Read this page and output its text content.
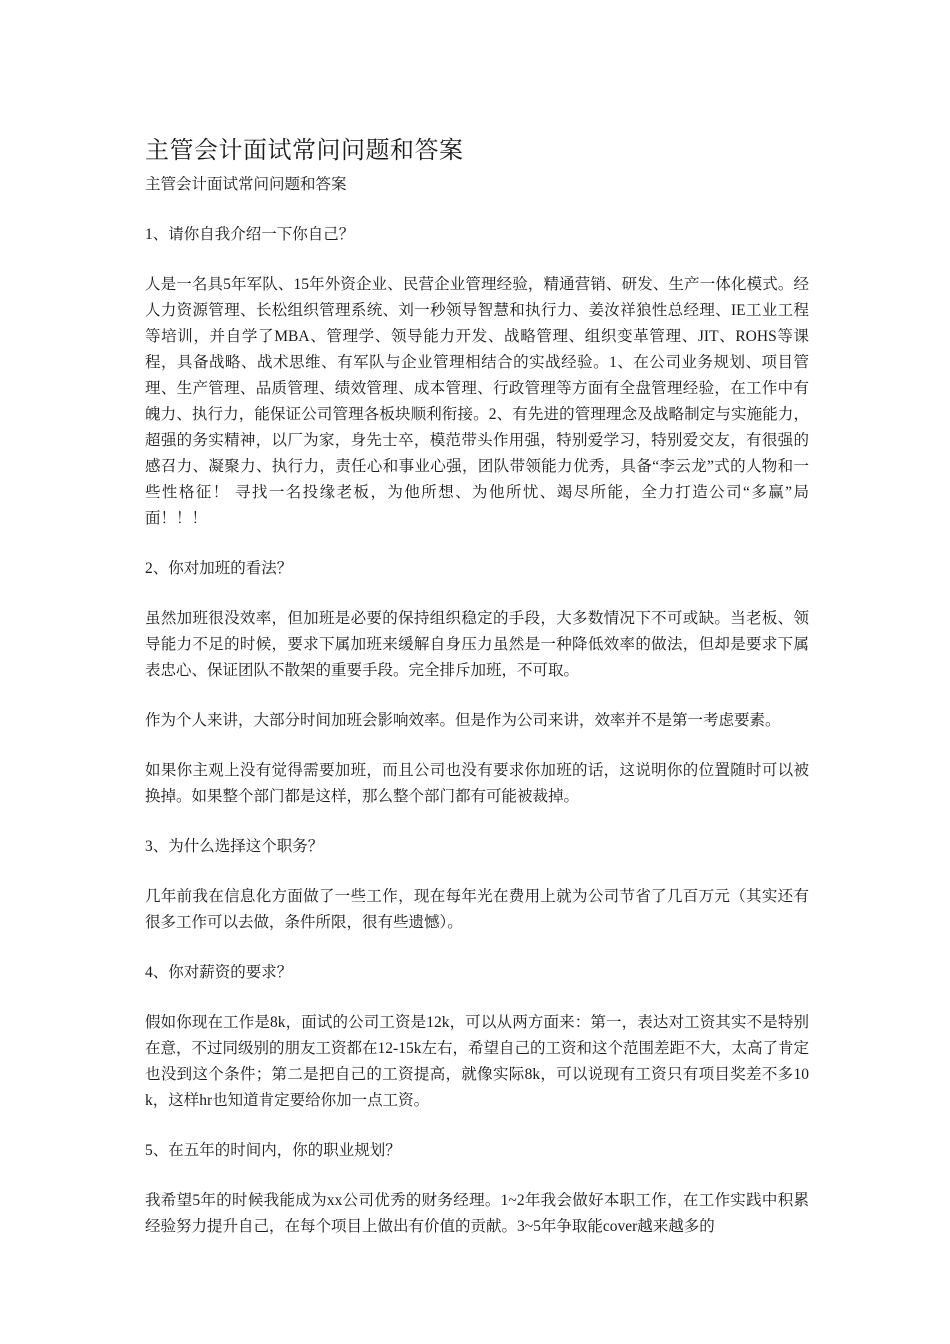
主管会计面试常问问题和答案
主管会计面试常问问题和答案
1、请你自我介绍一下你自己？

人是一名具5年军队、15年外资企业、民营企业管理经验，精通营销、研发、生产一体化模式。经人力资源管理、长松组织管理系统、刘一秒领导智慧和执行力、姜汝祥狼性总经理、IE工业工程等培训，并自学了MBA、管理学、领导能力开发、战略管理、组织变革管理、JIT、ROHS等课程，具备战略、战术思维、有军队与企业管理相结合的实战经验。1、在公司业务规划、项目管理、生产管理、品质管理、绩效管理、成本管理、行政管理等方面有全盘管理经验，在工作中有魄力、执行力，能保证公司管理各板块顺利衔接。2、有先进的管理理念及战略制定与实施能力，超强的务实精神，以厂为家，身先士卒，模范带头作用强，特别爱学习，特别爱交友，有很强的感召力、凝聚力、执行力，责任心和事业心强，团队带领能力优秀，具备“李云龙”式的人物和一些性格征！ 寻找一名投缘老板，为他所想、为他所忧、竭尽所能，全力打造公司“多赢”局面！！！

2、你对加班的看法？

虽然加班很没效率，但加班是必要的保持组织稳定的手段，大多数情况下不可或缺。当老板、领导能力不足的时候，要求下属加班来缓解自身压力虽然是一种降低效率的做法，但却是要求下属表忠心、保证团队不散架的重要手段。完全排斥加班，不可取。

作为个人来讲，大部分时间加班会影响效率。但是作为公司来讲，效率并不是第一考虑要素。

如果你主观上没有觉得需要加班，而且公司也没有要求你加班的话，这说明你的位置随时可以被换掉。如果整个部门都是这样，那么整个部门都有可能被裁掉。

3、为什么选择这个职务？

几年前我在信息化方面做了一些工作，现在每年光在费用上就为公司节省了几百万元（其实还有很多工作可以去做，条件所限，很有些遗憾）。

4、你对薪资的要求？

假如你现在工作是8k，面试的公司工资是12k，可以从两方面来：第一，表达对工资其实不是特别在意，不过同级别的朋友工资都在12-15k左右，希望自己的工资和这个范围差距不大，太高了肯定也没到这个条件；第二是把自己的工资提高，就像实际8k，可以说现有工资只有项目奖差不多10k，这样hr也知道肯定要给你加一点工资。

5、在五年的时间内，你的职业规划？

我希望5年的时候我能成为xx公司优秀的财务经理。1~2年我会做好本职工作，在工作实践中积累经验努力提升自己，在每个项目上做出有价值的贡献。3~5年争取能cover越来越多的
